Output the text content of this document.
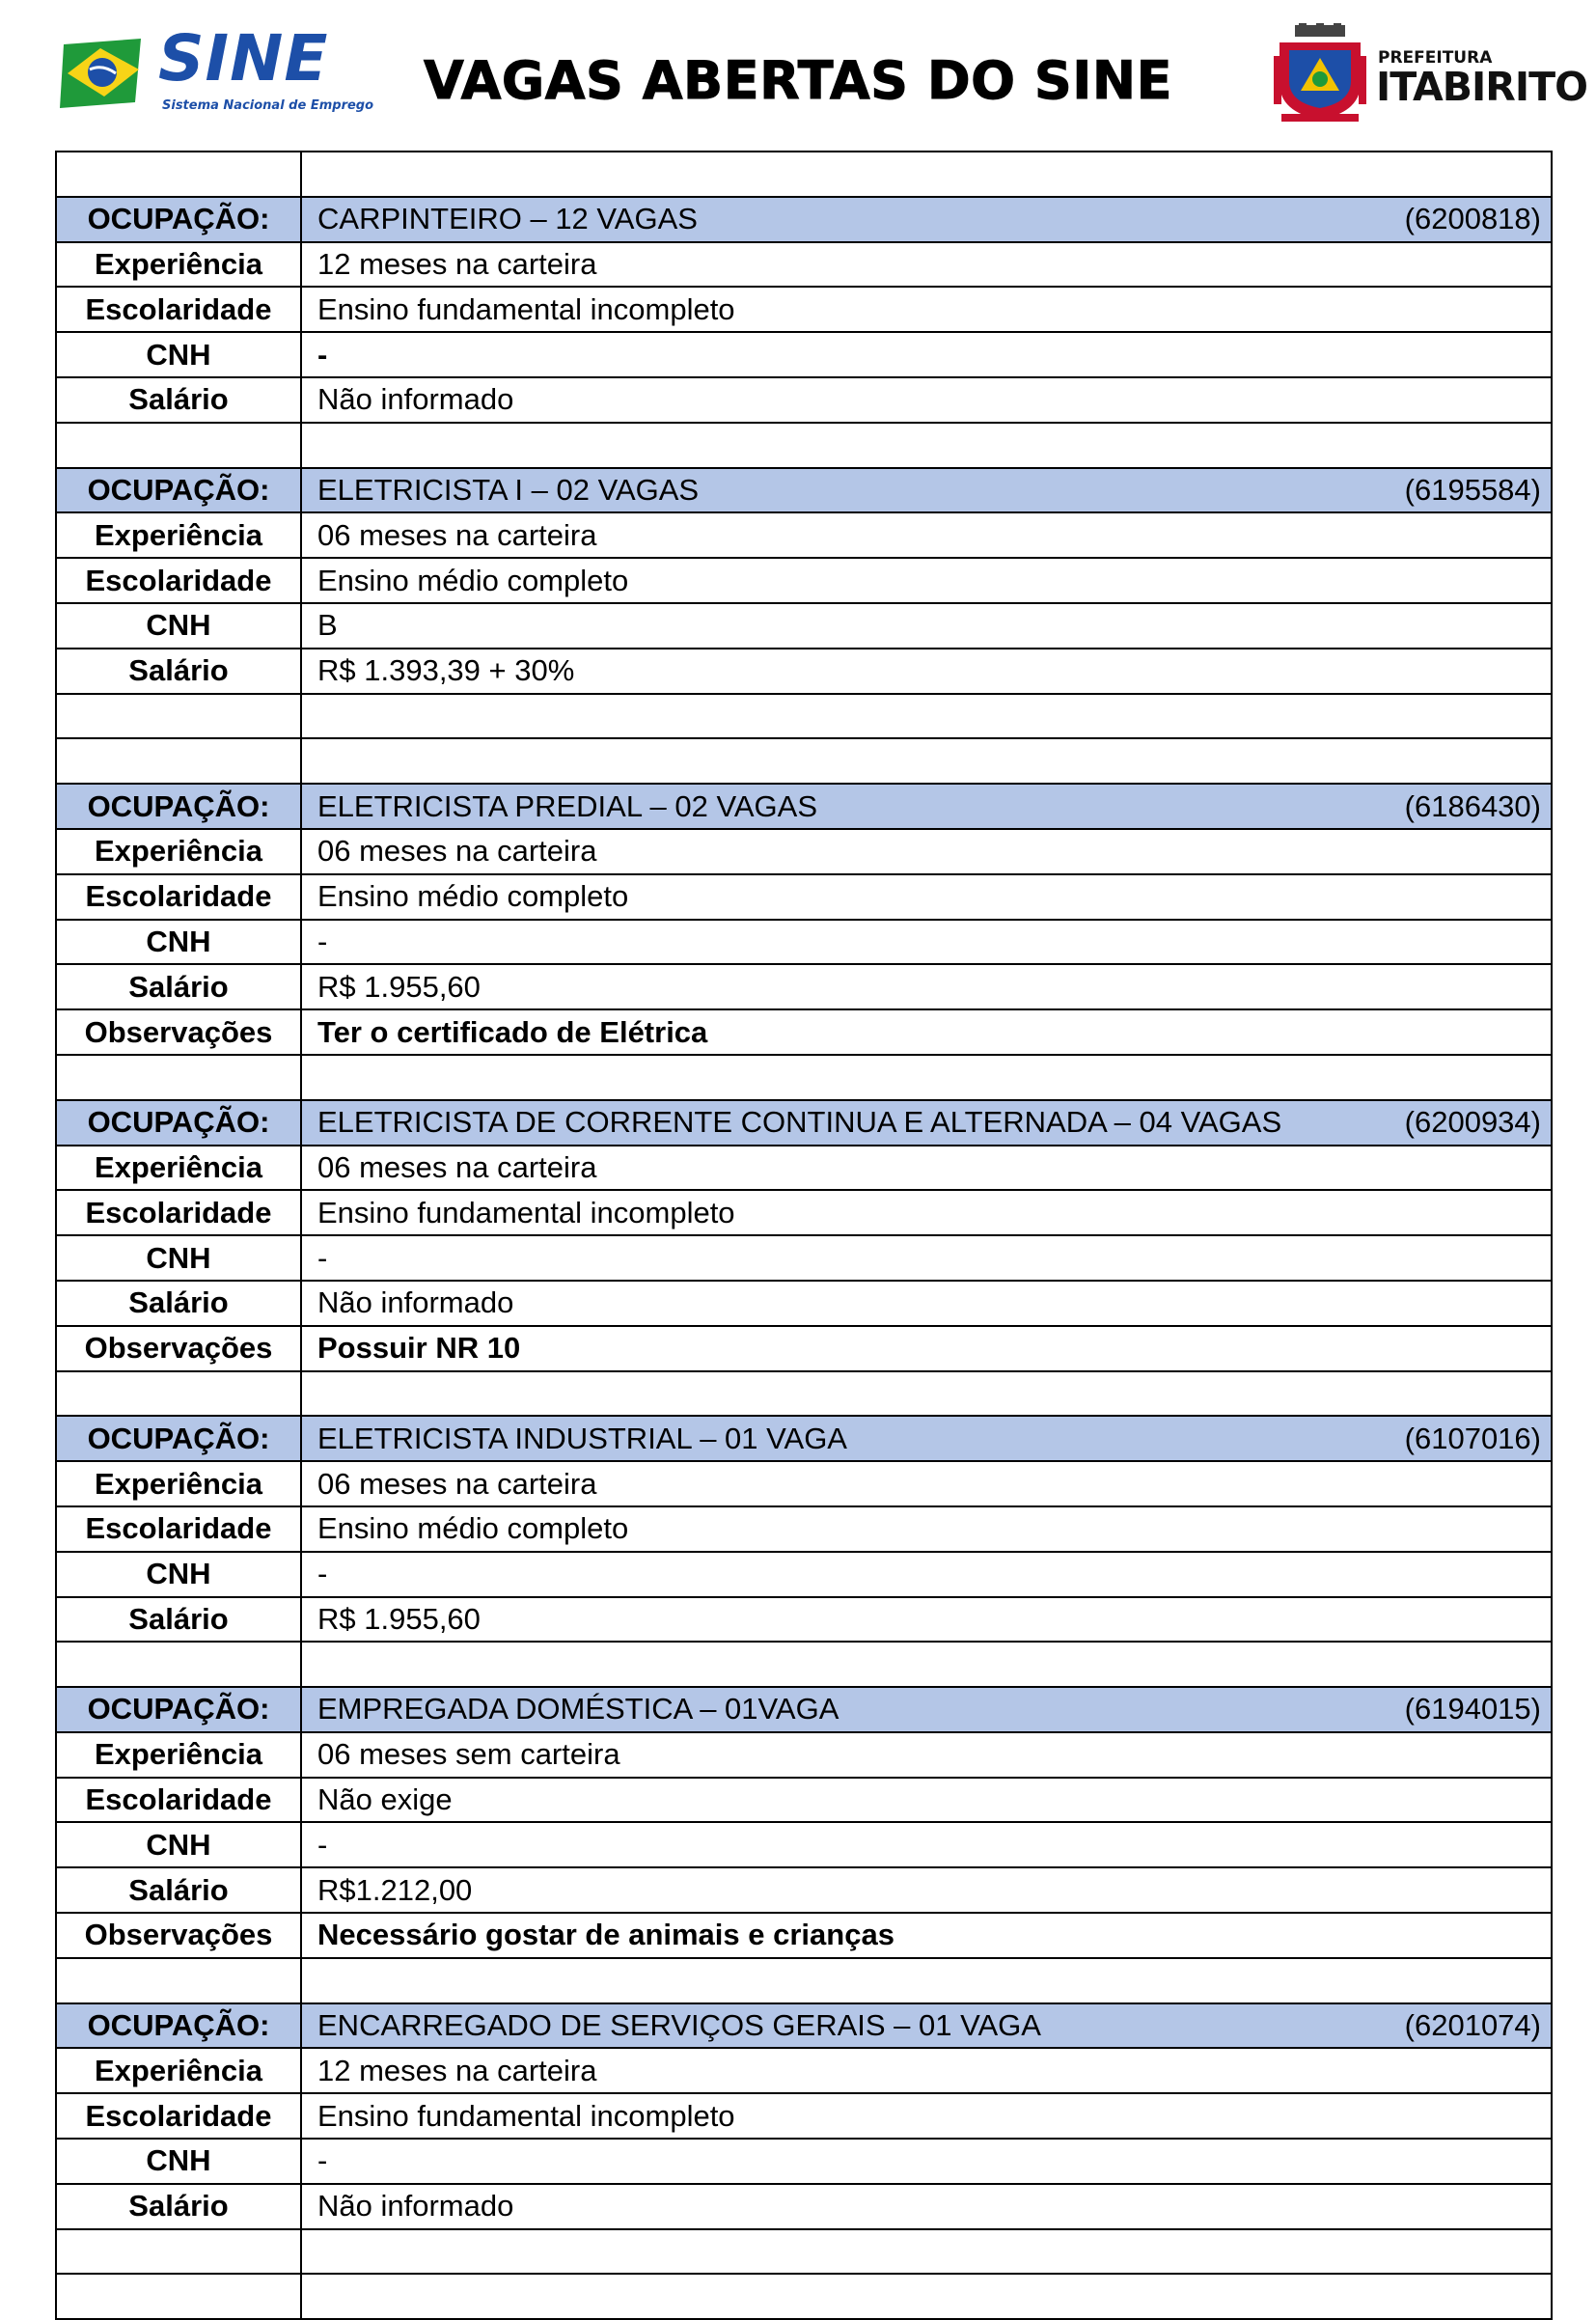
SINE
Sistema Nacional de Emprego VAGAS ABERTAS DO SINE	PREFEITURA
ITABIRITO

OCUPAÇÃO:	CARPINTEIRO – 12 VAGAS (6200818)

Experiência	12 meses na carteira
Escolaridade	Ensino fundamental incompleto
CNH	-
Salário	Não informado

OCUPAÇÃO:	ELETRICISTA I – 02 VAGAS (6195584)

Experiência	06 meses na carteira
Escolaridade	Ensino médio completo
CNH	B
Salário	R$ 1.393,39 + 30%

OCUPAÇÃO:	ELETRICISTA PREDIAL – 02 VAGAS (6186430)

Experiência	06 meses na carteira
Escolaridade	Ensino médio completo
CNH	-
Salário	R$ 1.955,60
Observações	Ter o certificado de Elétrica

OCUPAÇÃO:	ELETRICISTA DE CORRENTE CONTINUA E ALTERNADA – 04 VAGAS (6200934)

Experiência	06 meses na carteira
Escolaridade	Ensino fundamental incompleto
CNH	-
Salário	Não informado
Observações	Possuir NR 10

OCUPAÇÃO:	ELETRICISTA INDUSTRIAL – 01 VAGA (6107016)

Experiência	06 meses na carteira
Escolaridade	Ensino médio completo
CNH	-
Salário	R$ 1.955,60

OCUPAÇÃO:	EMPREGADA DOMÉSTICA – 01VAGA (6194015)

Experiência	06 meses sem carteira
Escolaridade	Não exige
CNH	-
Salário	R$1.212,00
Observações	Necessário gostar de animais e crianças

OCUPAÇÃO:	ENCARREGADO DE SERVIÇOS GERAIS – 01 VAGA (6201074)

Experiência	12 meses na carteira
Escolaridade	Ensino fundamental incompleto
CNH	-
Salário	Não informado
